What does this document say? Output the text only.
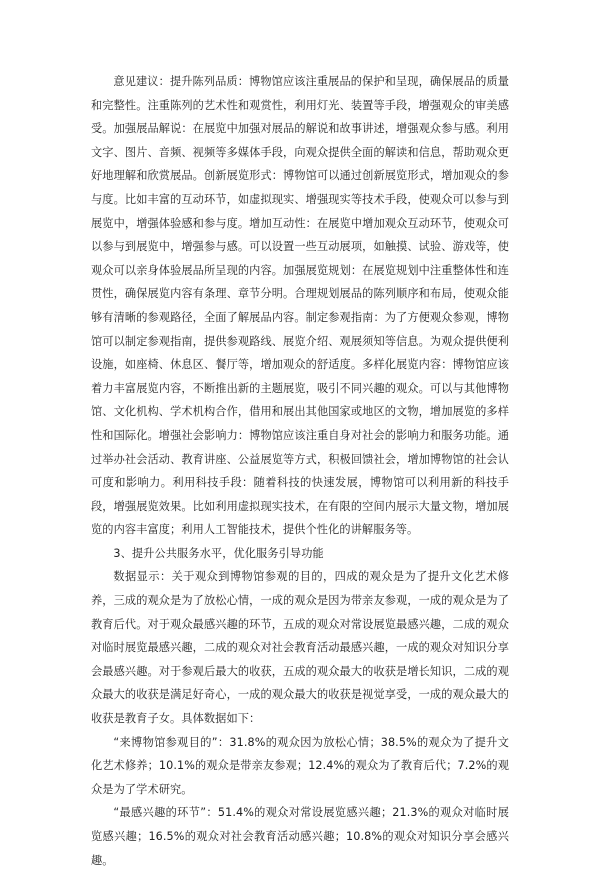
意见建议：提升陈列品质：博物馆应该注重展品的保护和呈现，确保展品的质量和完整性。注重陈列的艺术性和观赏性，利用灯光、装置等手段，增强观众的审美感受。加强展品解说：在展览中加强对展品的解说和故事讲述，增强观众参与感。利用文字、图片、音频、视频等多媒体手段，向观众提供全面的解读和信息，帮助观众更好地理解和欣赏展品。创新展览形式：博物馆可以通过创新展览形式，增加观众的参与度。比如丰富的互动环节，如虚拟现实、增强现实等技术手段，使观众可以参与到展览中，增强体验感和参与度。增加互动性：在展览中增加观众互动环节，使观众可以参与到展览中，增强参与感。可以设置一些互动展项，如触摸、试验、游戏等，使观众可以亲身体验展品所呈现的内容。加强展览规划：在展览规划中注重整体性和连贯性，确保展览内容有条理、章节分明。合理规划展品的陈列顺序和布局，使观众能够有清晰的参观路径，全面了解展品内容。制定参观指南：为了方便观众参观，博物馆可以制定参观指南，提供参观路线、展览介绍、观展须知等信息。为观众提供便利设施，如座椅、休息区、餐厅等，增加观众的舒适度。多样化展览内容：博物馆应该着力丰富展览内容，不断推出新的主题展览，吸引不同兴趣的观众。可以与其他博物馆、文化机构、学术机构合作，借用和展出其他国家或地区的文物，增加展览的多样性和国际化。增强社会影响力：博物馆应该注重自身对社会的影响力和服务功能。通过举办社会活动、教育讲座、公益展览等方式，积极回馈社会，增加博物馆的社会认可度和影响力。利用科技手段：随着科技的快速发展，博物馆可以利用新的科技手段，增强展览效果。比如利用虚拟现实技术，在有限的空间内展示大量文物，增加展览的内容丰富度；利用人工智能技术，提供个性化的讲解服务等。

3、提升公共服务水平，优化服务引导功能

数据显示：关于观众到博物馆参观的目的，四成的观众是为了提升文化艺术修养，三成的观众是为了放松心情，一成的观众是因为带亲友参观，一成的观众是为了教育后代。对于观众最感兴趣的环节，五成的观众对常设展览最感兴趣，二成的观众对临时展览最感兴趣，二成的观众对社会教育活动最感兴趣，一成的观众对知识分享会最感兴趣。对于参观后最大的收获，五成的观众最大的收获是增长知识，二成的观众最大的收获是满足好奇心，一成的观众最大的收获是视觉享受，一成的观众最大的收获是教育子女。具体数据如下：

“来博物馆参观目的”：31.8%的观众因为放松心情；38.5%的观众为了提升文化艺术修养；10.1%的观众是带亲友参观；12.4%的观众为了教育后代；7.2%的观众是为了学术研究。

“最感兴趣的环节”：51.4%的观众对常设展览感兴趣；21.3%的观众对临时展览感兴趣；16.5%的观众对社会教育活动感兴趣；10.8%的观众对知识分享会感兴趣。
